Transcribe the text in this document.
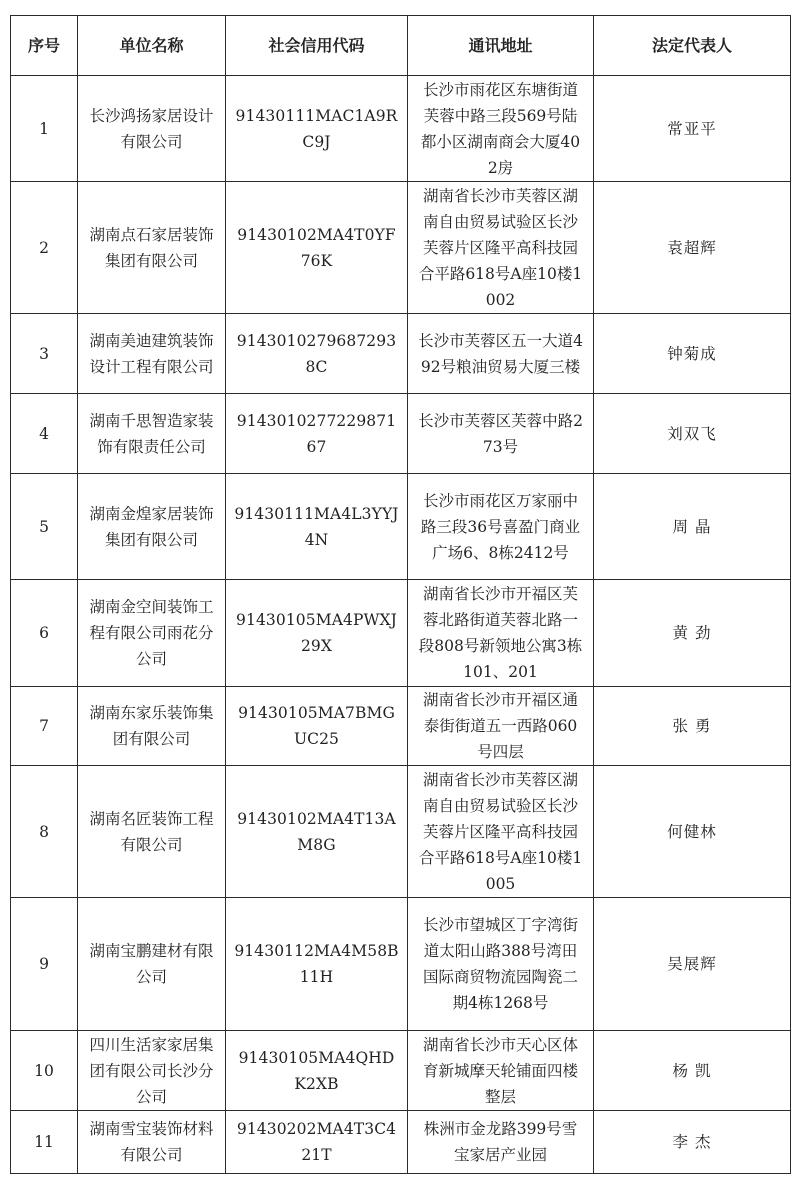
序号	单位名称	社会信用代码	通讯地址	法定代表人
1	长沙鸿扬家居设计有限公司	91430111MAC1A9RC9J	长沙市雨花区东塘街道芙蓉中路三段569号陆都小区湖南商会大厦402房	常亚平
2	湖南点石家居装饰集团有限公司	91430102MA4T0YF76K	湖南省长沙市芙蓉区湖南自由贸易试验区长沙芙蓉片区隆平高科技园合平路618号A座10楼1002	袁超辉
3	湖南美迪建筑装饰设计工程有限公司	91430102796872938C	长沙市芙蓉区五一大道492号粮油贸易大厦三楼	钟菊成
4	湖南千思智造家装饰有限责任公司	914301027722987167	长沙市芙蓉区芙蓉中路273号	刘双飞
5	湖南金煌家居装饰集团有限公司	91430111MA4L3YYJ4N	长沙市雨花区万家丽中路三段36号喜盈门商业广场6、8栋2412号	周 晶
6	湖南金空间装饰工程有限公司雨花分公司	91430105MA4PWXJ29X	湖南省长沙市开福区芙蓉北路街道芙蓉北路一段808号新领地公寓3栋101、201	黄 劲
7	湖南东家乐装饰集团有限公司	91430105MA7BMGUC25	湖南省长沙市开福区通泰街街道五一西路060号四层	张 勇
8	湖南名匠装饰工程有限公司	91430102MA4T13AM8G	湖南省长沙市芙蓉区湖南自由贸易试验区长沙芙蓉片区隆平高科技园合平路618号A座10楼1005	何健林
9	湖南宝鹏建材有限公司	91430112MA4M58B11H	长沙市望城区丁字湾街道太阳山路388号湾田国际商贸物流园陶瓷二期4栋1268号	吴展辉
10	四川生活家家居集团有限公司长沙分公司	91430105MA4QHDK2XB	湖南省长沙市天心区体育新城摩天轮铺面四楼整层	杨 凯
11	湖南雪宝装饰材料有限公司	91430202MA4T3C421T	株洲市金龙路399号雪宝家居产业园	李 杰
